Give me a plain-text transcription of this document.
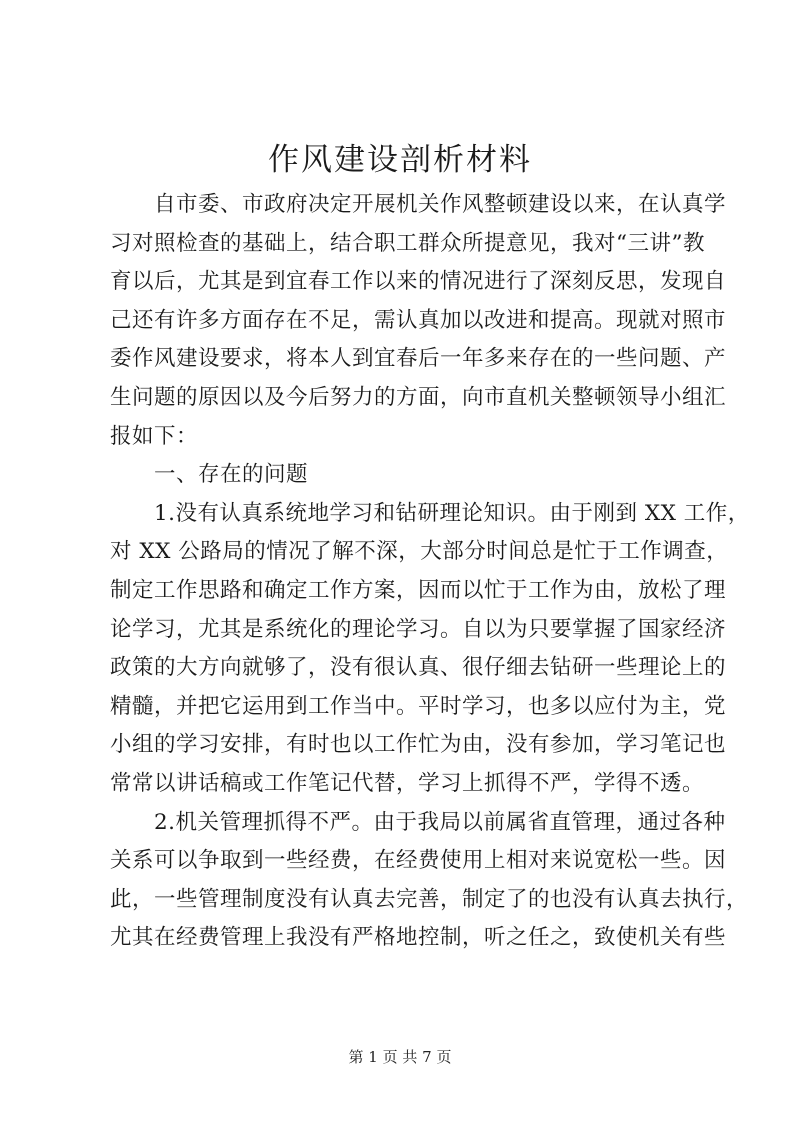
作风建设剖析材料
自市委、市政府决定开展机关作风整顿建设以来，在认真学
习对照检查的基础上，结合职工群众所提意见，我对“三讲”教
育以后，尤其是到宜春工作以来的情况进行了深刻反思，发现自
己还有许多方面存在不足，需认真加以改进和提高。现就对照市
委作风建设要求，将本人到宜春后一年多来存在的一些问题、产
生问题的原因以及今后努力的方面，向市直机关整顿领导小组汇
报如下：
一、存在的问题
1.没有认真系统地学习和钻研理论知识。由于刚到 XX 工作，
对 XX 公路局的情况了解不深，大部分时间总是忙于工作调查，
制定工作思路和确定工作方案，因而以忙于工作为由，放松了理
论学习，尤其是系统化的理论学习。自以为只要掌握了国家经济
政策的大方向就够了，没有很认真、很仔细去钻研一些理论上的
精髓，并把它运用到工作当中。平时学习，也多以应付为主，党
小组的学习安排，有时也以工作忙为由，没有参加，学习笔记也
常常以讲话稿或工作笔记代替，学习上抓得不严，学得不透。
2.机关管理抓得不严。由于我局以前属省直管理，通过各种
关系可以争取到一些经费，在经费使用上相对来说宽松一些。因
此，一些管理制度没有认真去完善，制定了的也没有认真去执行，
尤其在经费管理上我没有严格地控制，听之任之，致使机关有些
第 1 页 共 7 页
